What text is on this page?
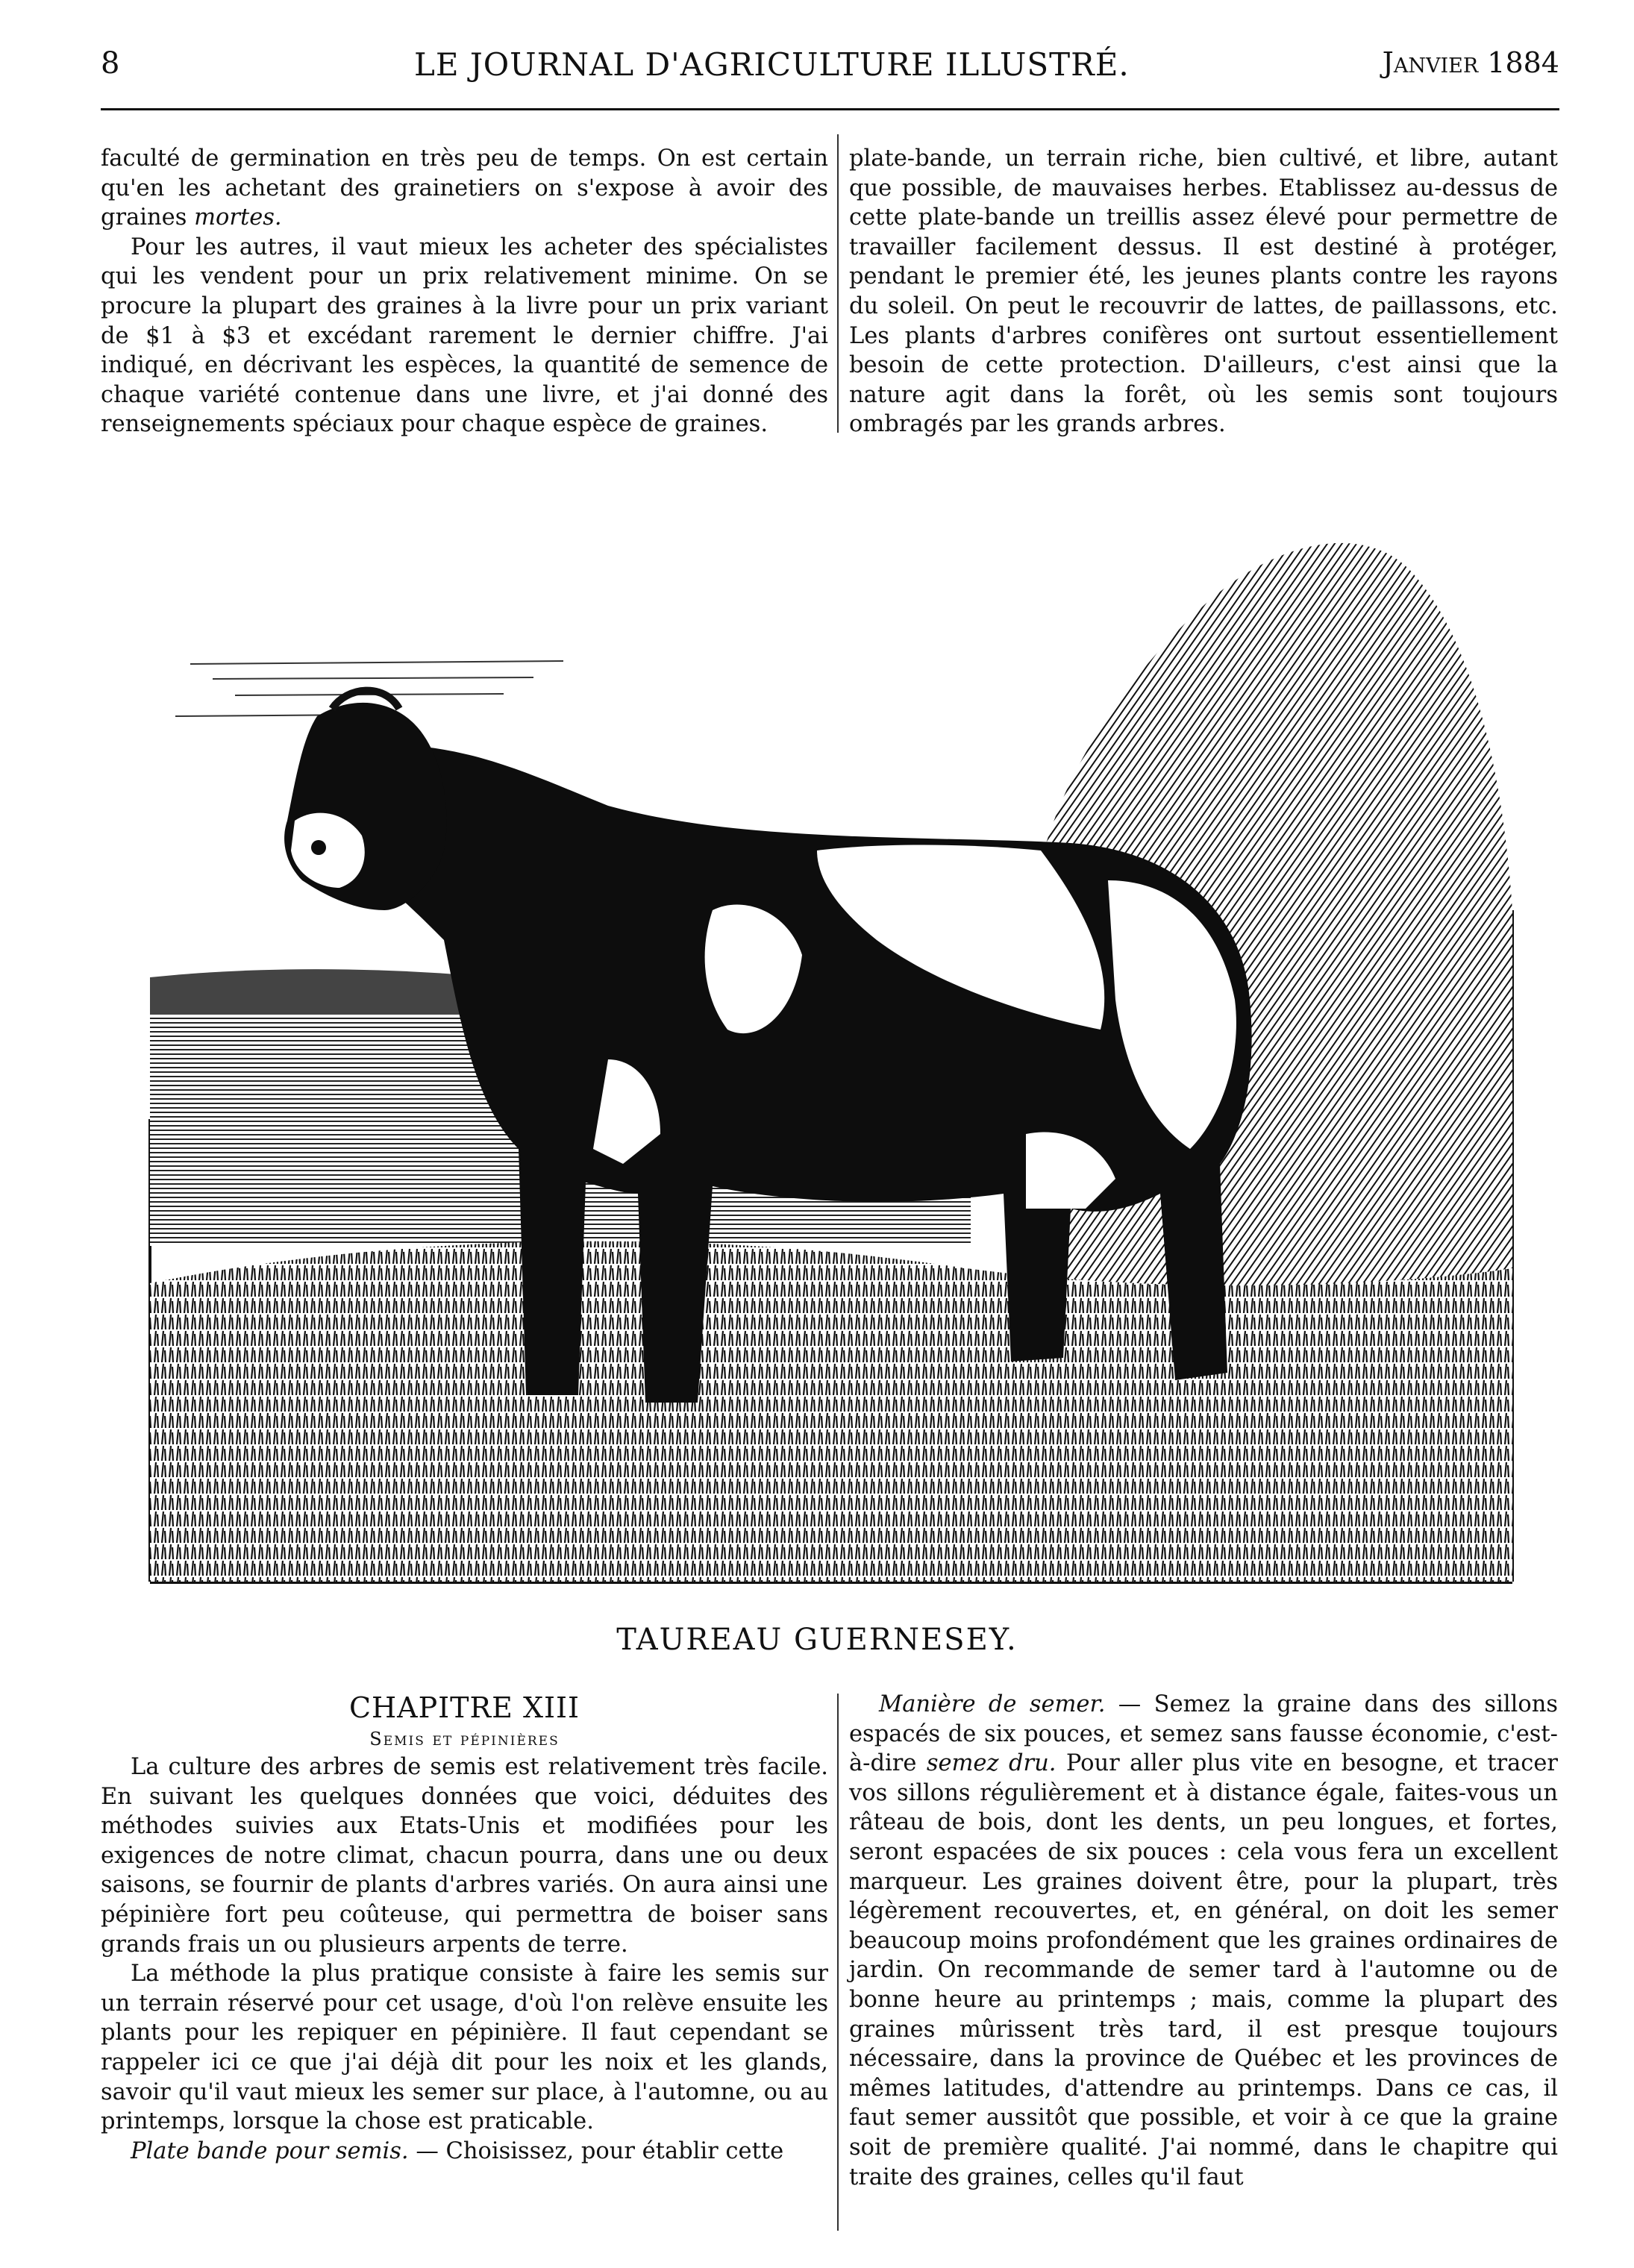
8	LE JOURNAL D'AGRICULTURE ILLUSTRÉ.	Janvier 1884

faculté de germination en très peu de temps. On est certain qu'en les achetant des grainetiers on s'expose à avoir des graines mortes.

Pour les autres, il vaut mieux les acheter des spécialistes qui les vendent pour un prix relativement minime. On se procure la plupart des graines à la livre pour un prix variant de $1 à $3 et excédant rarement le dernier chiffre. J'ai indiqué, en décrivant les espèces, la quantité de semence de chaque variété contenue dans une livre, et j'ai donné des renseignements spéciaux pour chaque espèce de graines.

plate-bande, un terrain riche, bien cultivé, et libre, autant que possible, de mauvaises herbes. Etablissez au-dessus de cette plate-bande un treillis assez élevé pour permettre de travailler facilement dessus. Il est destiné à protéger, pendant le premier été, les jeunes plants contre les rayons du soleil. On peut le recouvrir de lattes, de paillassons, etc. Les plants d'arbres conifères ont surtout essentiellement besoin de cette protection. D'ailleurs, c'est ainsi que la nature agit dans la forêt, où les semis sont toujours ombragés par les grands arbres.

TAUREAU GUERNESEY.
CHAPITRE XIII
Semis et pépinières

La culture des arbres de semis est relativement très facile. En suivant les quelques données que voici, déduites des méthodes suivies aux Etats-Unis et modifiées pour les exigences de notre climat, chacun pourra, dans une ou deux saisons, se fournir de plants d'arbres variés. On aura ainsi une pépinière fort peu coûteuse, qui permettra de boiser sans grands frais un ou plusieurs arpents de terre.

La méthode la plus pratique consiste à faire les semis sur un terrain réservé pour cet usage, d'où l'on relève ensuite les plants pour les repiquer en pépinière. Il faut cependant se rappeler ici ce que j'ai déjà dit pour les noix et les glands, savoir qu'il vaut mieux les semer sur place, à l'automne, ou au printemps, lorsque la chose est praticable.

Plate bande pour semis. — Choisissez, pour établir cette

Manière de semer. — Semez la graine dans des sillons espacés de six pouces, et semez sans fausse économie, c'est-à-dire semez dru. Pour aller plus vite en besogne, et tracer vos sillons régulièrement et à distance égale, faites-vous un râteau de bois, dont les dents, un peu longues, et fortes, seront espacées de six pouces : cela vous fera un excellent marqueur. Les graines doivent être, pour la plupart, très légèrement recouvertes, et, en général, on doit les semer beaucoup moins profondément que les graines ordinaires de jardin. On recommande de semer tard à l'automne ou de bonne heure au printemps ; mais, comme la plupart des graines mûrissent très tard, il est presque toujours nécessaire, dans la province de Québec et les provinces de mêmes latitudes, d'attendre au printemps. Dans ce cas, il faut semer aussitôt que possible, et voir à ce que la graine soit de première qualité. J'ai nommé, dans le chapitre qui traite des graines, celles qu'il faut
